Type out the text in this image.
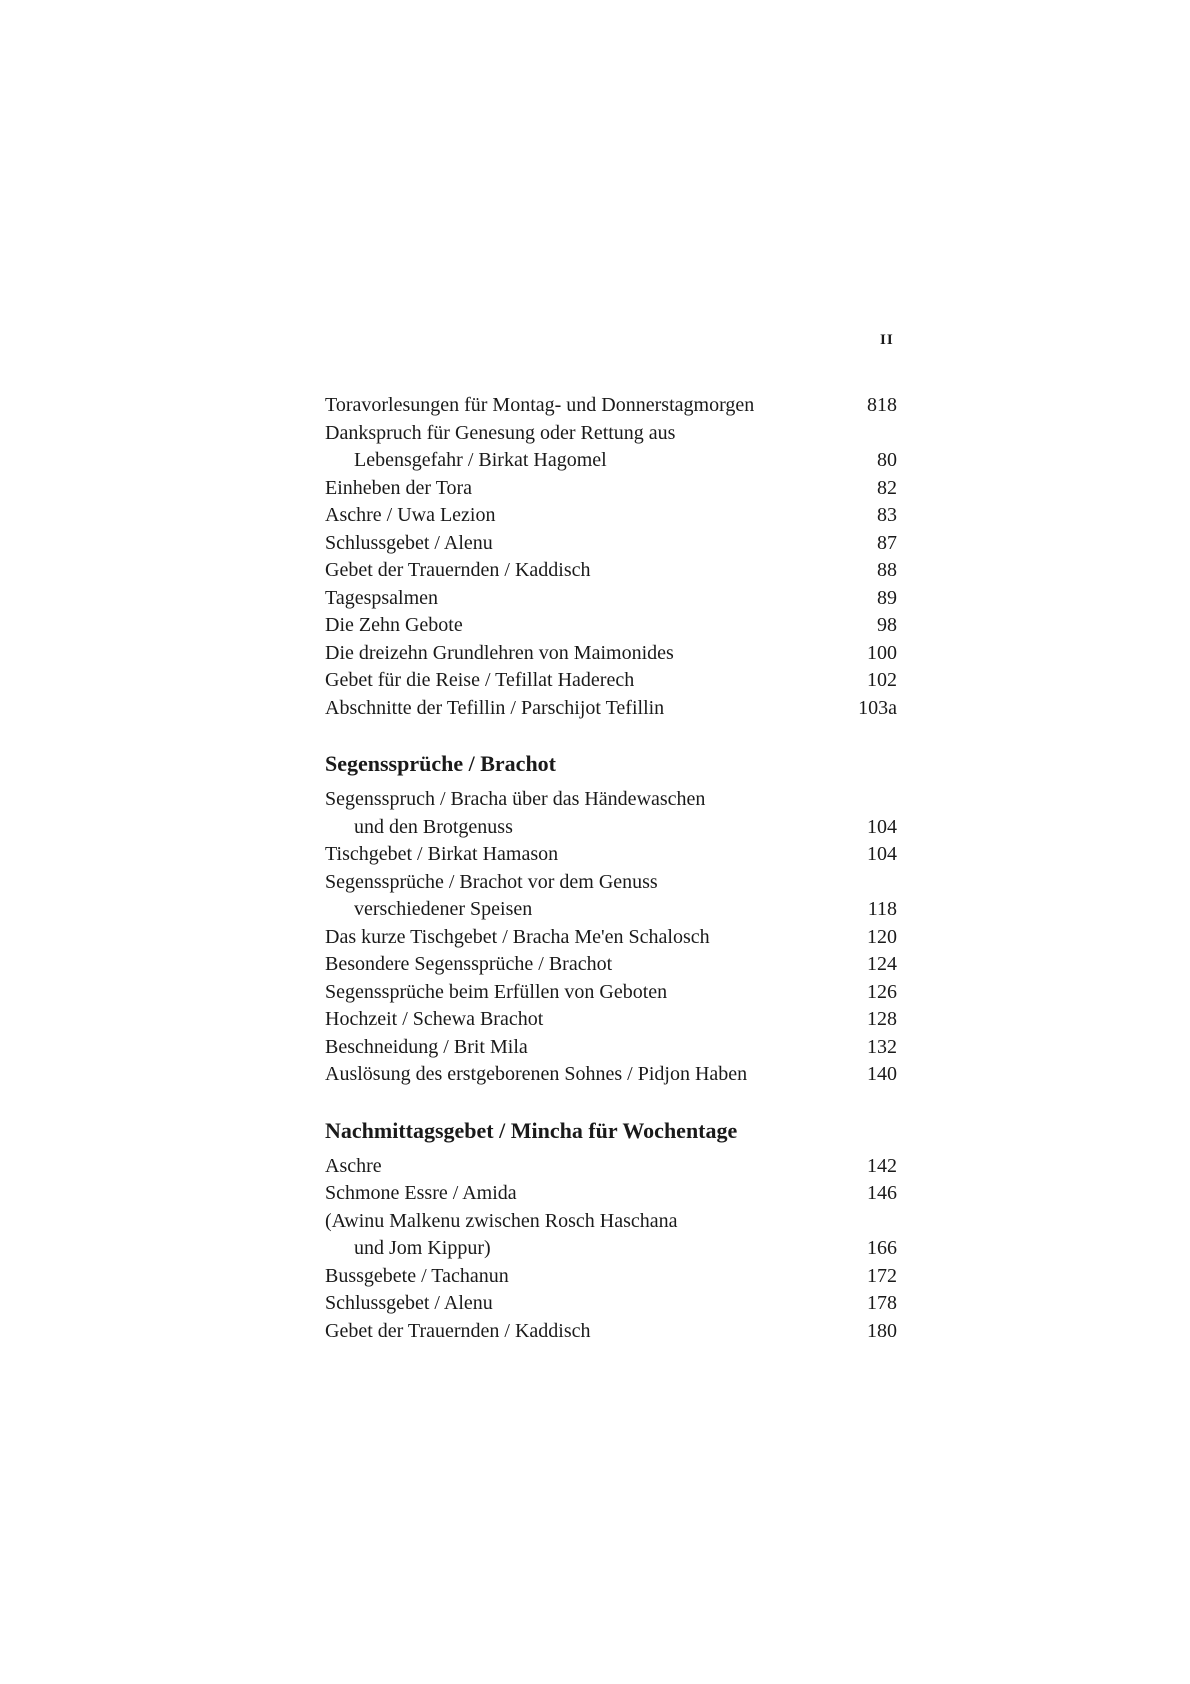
II
Toravorlesungen für Montag- und Donnerstagmorgen	818
Dankspruch für Genesung oder Rettung aus
Lebensgefahr / Birkat Hagomel	80
Einheben der Tora	82
Aschre / Uwa Lezion	83
Schlussgebet / Alenu	87
Gebet der Trauernden / Kaddisch	88
Tagespsalmen	89
Die Zehn Gebote	98
Die dreizehn Grundlehren von Maimonides	100
Gebet für die Reise / Tefillat Haderech	102
Abschnitte der Tefillin / Parschijot Tefillin	103a
Segenssprüche / Brachot
Segensspruch / Bracha über das Händewaschen
und den Brotgenuss	104
Tischgebet / Birkat Hamason	104
Segenssprüche / Brachot vor dem Genuss
verschiedener Speisen	118
Das kurze Tischgebet / Bracha Me'en Schalosch	120
Besondere Segenssprüche / Brachot	124
Segenssprüche beim Erfüllen von Geboten	126
Hochzeit / Schewa Brachot	128
Beschneidung / Brit Mila	132
Auslösung des erstgeborenen Sohnes / Pidjon Haben	140
Nachmittagsgebet / Mincha für Wochentage
Aschre	142
Schmone Essre / Amida	146
(Awinu Malkenu zwischen Rosch Haschana
und Jom Kippur)	166
Bussgebete / Tachanun	172
Schlussgebet / Alenu	178
Gebet der Trauernden / Kaddisch	180
